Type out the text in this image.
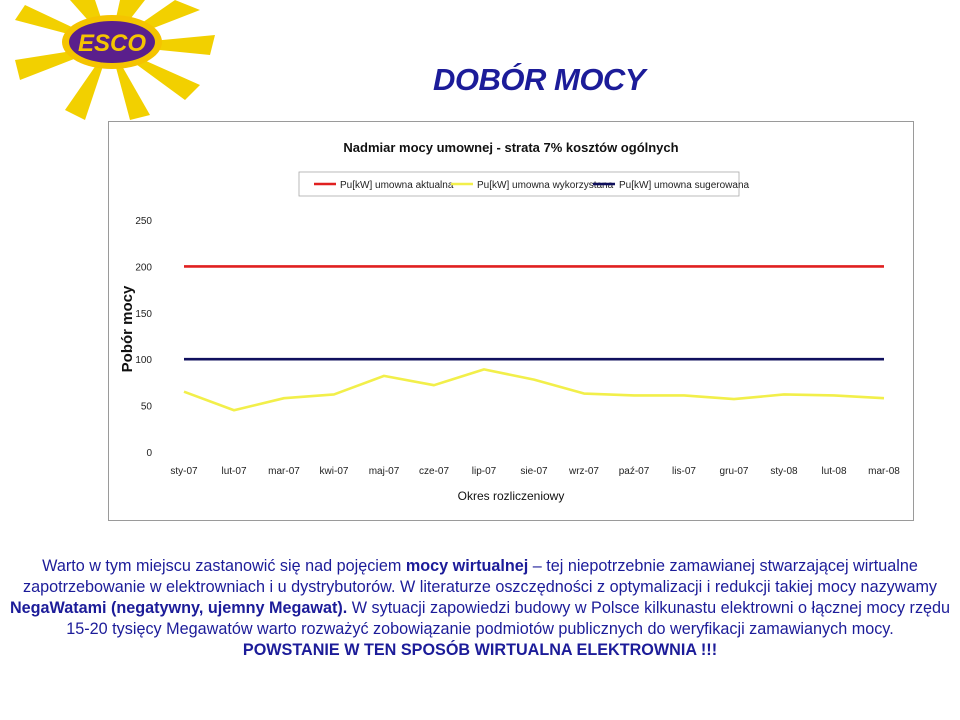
ESCO
DOBÓR MOCY
Nadmiar mocy umownej - strata 7% kosztów ogólnych
Pu[kW] umowna aktualna Pu[kW] umowna wykorzystana Pu[kW] umowna sugerowana
0
50
100
150
200
250
sty-07 lut-07 mar-07 kwi-07 maj-07 cze-07 lip-07 sie-07 wrz-07 paź-07 lis-07 gru-07 sty-08 lut-08 mar-08
Pobór mocy
Okres rozliczeniowy
Warto w tym miejscu zastanowić się nad pojęciem mocy wirtualnej – tej niepotrzebnie zamawianej stwarzającej wirtualne zapotrzebowanie w elektrowniach i u dystrybutorów. W literaturze oszczędności z optymalizacji i redukcji takiej mocy nazywamy NegaWatami (negatywny, ujemny Megawat). W sytuacji zapowiedzi budowy w Polsce kilkunastu elektrowni o łącznej mocy rzędu 15-20 tysięcy Megawatów warto rozważyć zobowiązanie podmiotów publicznych do weryfikacji zamawianych mocy.
POWSTANIE W TEN SPOSÓB WIRTUALNA ELEKTROWNIA !!!
